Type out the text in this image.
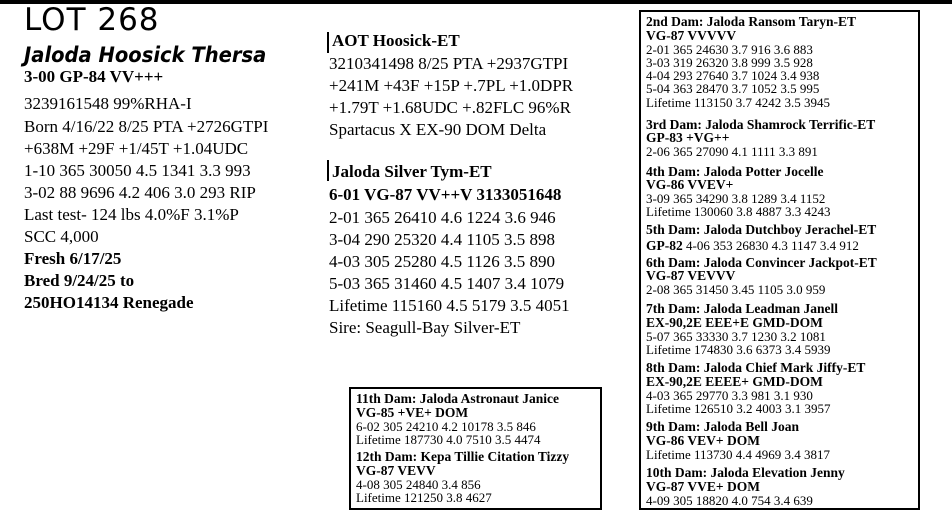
LOT 268
Jaloda Hoosick Thersa
3-00 GP-84 VV+++
3239161548 99%RHA-I
Born 4/16/22 8/25 PTA +2726GTPI
+638M +29F +1/45T +1.04UDC
1-10 365 30050 4.5 1341 3.3 993
3-02 88 9696 4.2 406 3.0 293 RIP
Last test- 124 lbs 4.0%F 3.1%P
SCC 4,000
Fresh 6/17/25
Bred 9/24/25 to
250HO14134 Renegade
AOT Hoosick-ET
3210341498 8/25 PTA +2937GTPI
+241M +43F +15P +.7PL +1.0DPR
+1.79T +1.68UDC +.82FLC 96%R
Spartacus X EX-90 DOM Delta
Jaloda Silver Tym-ET
6-01 VG-87 VV++V 3133051648
2-01 365 26410 4.6 1224 3.6 946
3-04 290 25320 4.4 1105 3.5 898
4-03 305 25280 4.5 1126 3.5 890
5-03 365 31460 4.5 1407 3.4 1079
Lifetime 115160 4.5 5179 3.5 4051
Sire: Seagull-Bay Silver-ET
2nd Dam: Jaloda Ransom Taryn-ET
VG-87 VVVVV
2-01 365 24630 3.7 916 3.6 883
3-03 319 26320 3.8 999 3.5 928
4-04 293 27640 3.7 1024 3.4 938
5-04 363 28470 3.7 1052 3.5 995
Lifetime 113150 3.7 4242 3.5 3945
3rd Dam: Jaloda Shamrock Terrific-ET
GP-83 +VG++
2-06 365 27090 4.1 1111 3.3 891
4th Dam: Jaloda Potter Jocelle
VG-86 VVEV+
3-09 365 34290 3.8 1289 3.4 1152
Lifetime 130060 3.8 4887 3.3 4243
5th Dam: Jaloda Dutchboy Jerachel-ET
GP-82 4-06 353 26830 4.3 1147 3.4 912
6th Dam: Jaloda Convincer Jackpot-ET
VG-87 VEVVV
2-08 365 31450 3.45 1105 3.0 959
7th Dam: Jaloda Leadman Janell
EX-90,2E EEE+E GMD-DOM
5-07 365 33330 3.7 1230 3.2 1081
Lifetime 174830 3.6 6373 3.4 5939
8th Dam: Jaloda Chief Mark Jiffy-ET
EX-90,2E EEEE+ GMD-DOM
4-03 365 29770 3.3 981 3.1 930
Lifetime 126510 3.2 4003 3.1 3957
9th Dam: Jaloda Bell Joan
VG-86 VEV+ DOM
Lifetime 113730 4.4 4969 3.4 3817
10th Dam: Jaloda Elevation Jenny
VG-87 VVE+ DOM
4-09 305 18820 4.0 754 3.4 639
11th Dam: Jaloda Astronaut Janice
VG-85 +VE+ DOM
6-02 305 24210 4.2 10178 3.5 846
Lifetime 187730 4.0 7510 3.5 4474
12th Dam: Kepa Tillie Citation Tizzy
VG-87 VEVV
4-08 305 24840 3.4 856
Lifetime 121250 3.8 4627
